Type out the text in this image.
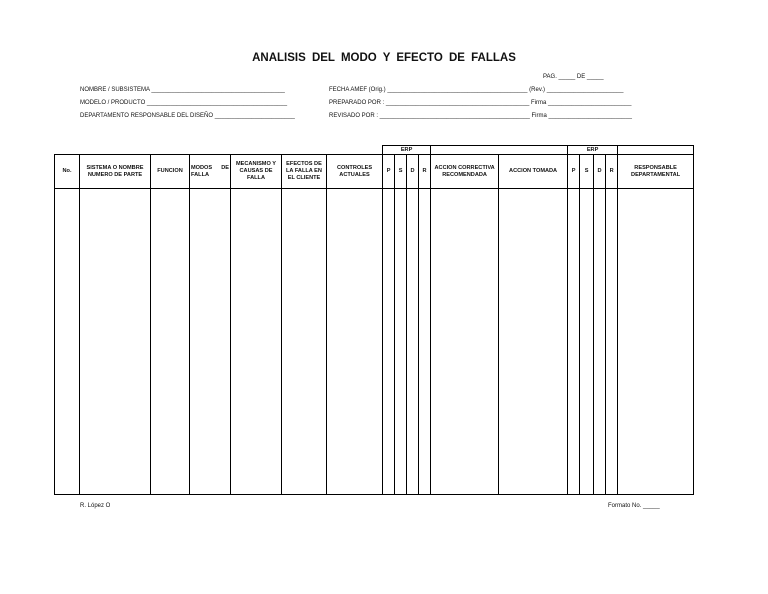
ANALISIS DEL MODO Y EFECTO DE FALLAS
PAG. _____ DE _____
NOMBRE / SUBSISTEMA ________________________________________
MODELO / PRODUCTO __________________________________________
DEPARTAMENTO RESPONSABLE DEL DISEÑO ________________________
FECHA AMEF (Orig.) __________________________________________ (Rev.) _______________________
PREPARADO POR : ___________________________________________ Firma _________________________
REVISADO POR : _____________________________________________ Firma _________________________
							ERP						ERP				
No.	SISTEMA O NOMBRE NUMERO DE PARTE	FUNCION	MODOS DE FALLA	MECANISMO Y CAUSAS DE FALLA	EFECTOS DE LA FALLA EN EL CLIENTE	CONTROLES ACTUALES	P	S	D	R	ACCION CORRECTIVA RECOMENDADA	ACCION TOMADA	P	S	D	R	RESPONSABLE DEPARTAMENTAL

R. López O	Formato No. _____
